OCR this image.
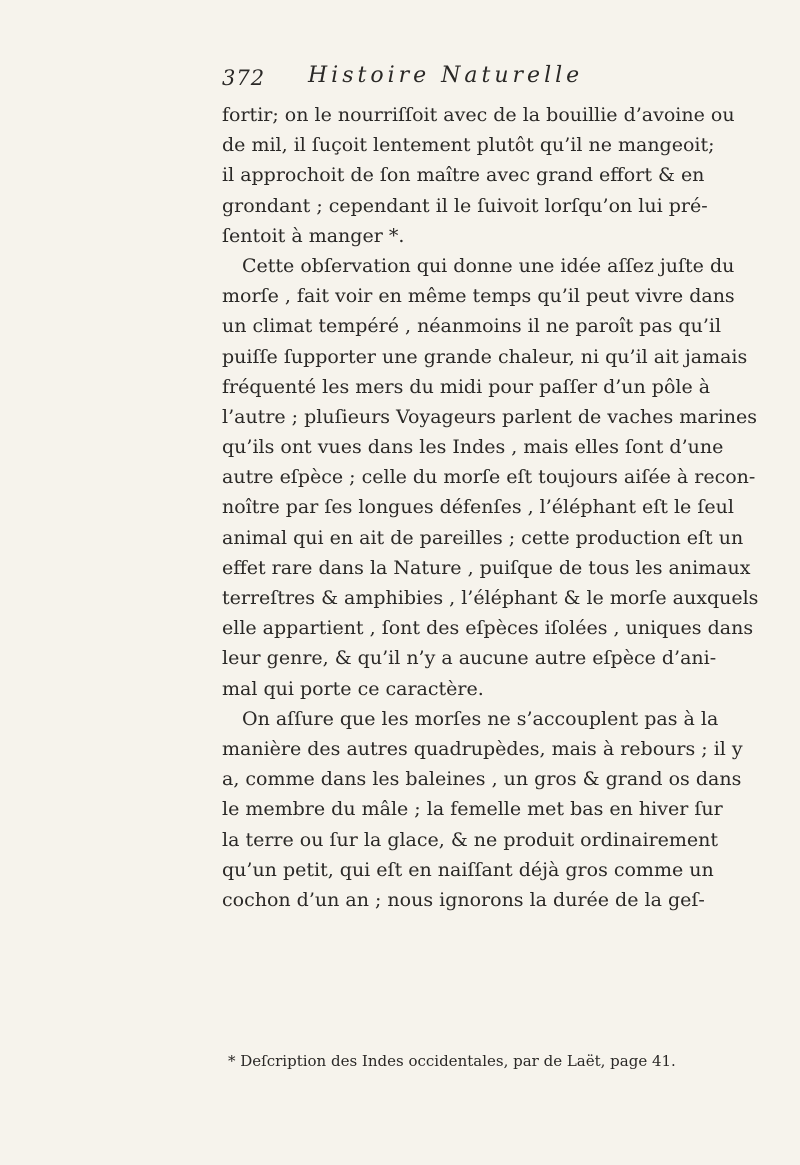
372 Histoire Naturelle
fortir; on le nourriſſoit avec de la bouillie d’avoine ou
de mil, il ſuçoit lentement plutôt qu’il ne mangeoit;
il approchoit de ſon maître avec grand effort & en
grondant ; cependant il le ſuivoit lorſqu’on lui pré-
ſentoit à manger *.
Cette obſervation qui donne une idée aſſez juſte du
morſe , fait voir en même temps qu’il peut vivre dans
un climat tempéré , néanmoins il ne paroît pas qu’il
puiſſe ſupporter une grande chaleur, ni qu’il ait jamais
fréquenté les mers du midi pour paſſer d’un pôle à
l’autre ; pluſieurs Voyageurs parlent de vaches marines
qu’ils ont vues dans les Indes , mais elles ſont d’une
autre eſpèce ; celle du morſe eſt toujours aiſée à recon-
noître par ſes longues défenſes , l’éléphant eſt le ſeul
animal qui en ait de pareilles ; cette production eſt un
effet rare dans la Nature , puiſque de tous les animaux
terreſtres & amphibies , l’éléphant & le morſe auxquels
elle appartient , ſont des eſpèces iſolées , uniques dans
leur genre, & qu’il n’y a aucune autre eſpèce d’ani-
mal qui porte ce caractère.
On aſſure que les morſes ne s’accouplent pas à la
manière des autres quadrupèdes, mais à rebours ; il y
a, comme dans les baleines , un gros & grand os dans
le membre du mâle ; la femelle met bas en hiver ſur
la terre ou ſur la glace, & ne produit ordinairement
qu’un petit, qui eſt en naiſſant déjà gros comme un
cochon d’un an ; nous ignorons la durée de la geſ-
* Deſcription des Indes occidentales, par de Laët, page 41.
